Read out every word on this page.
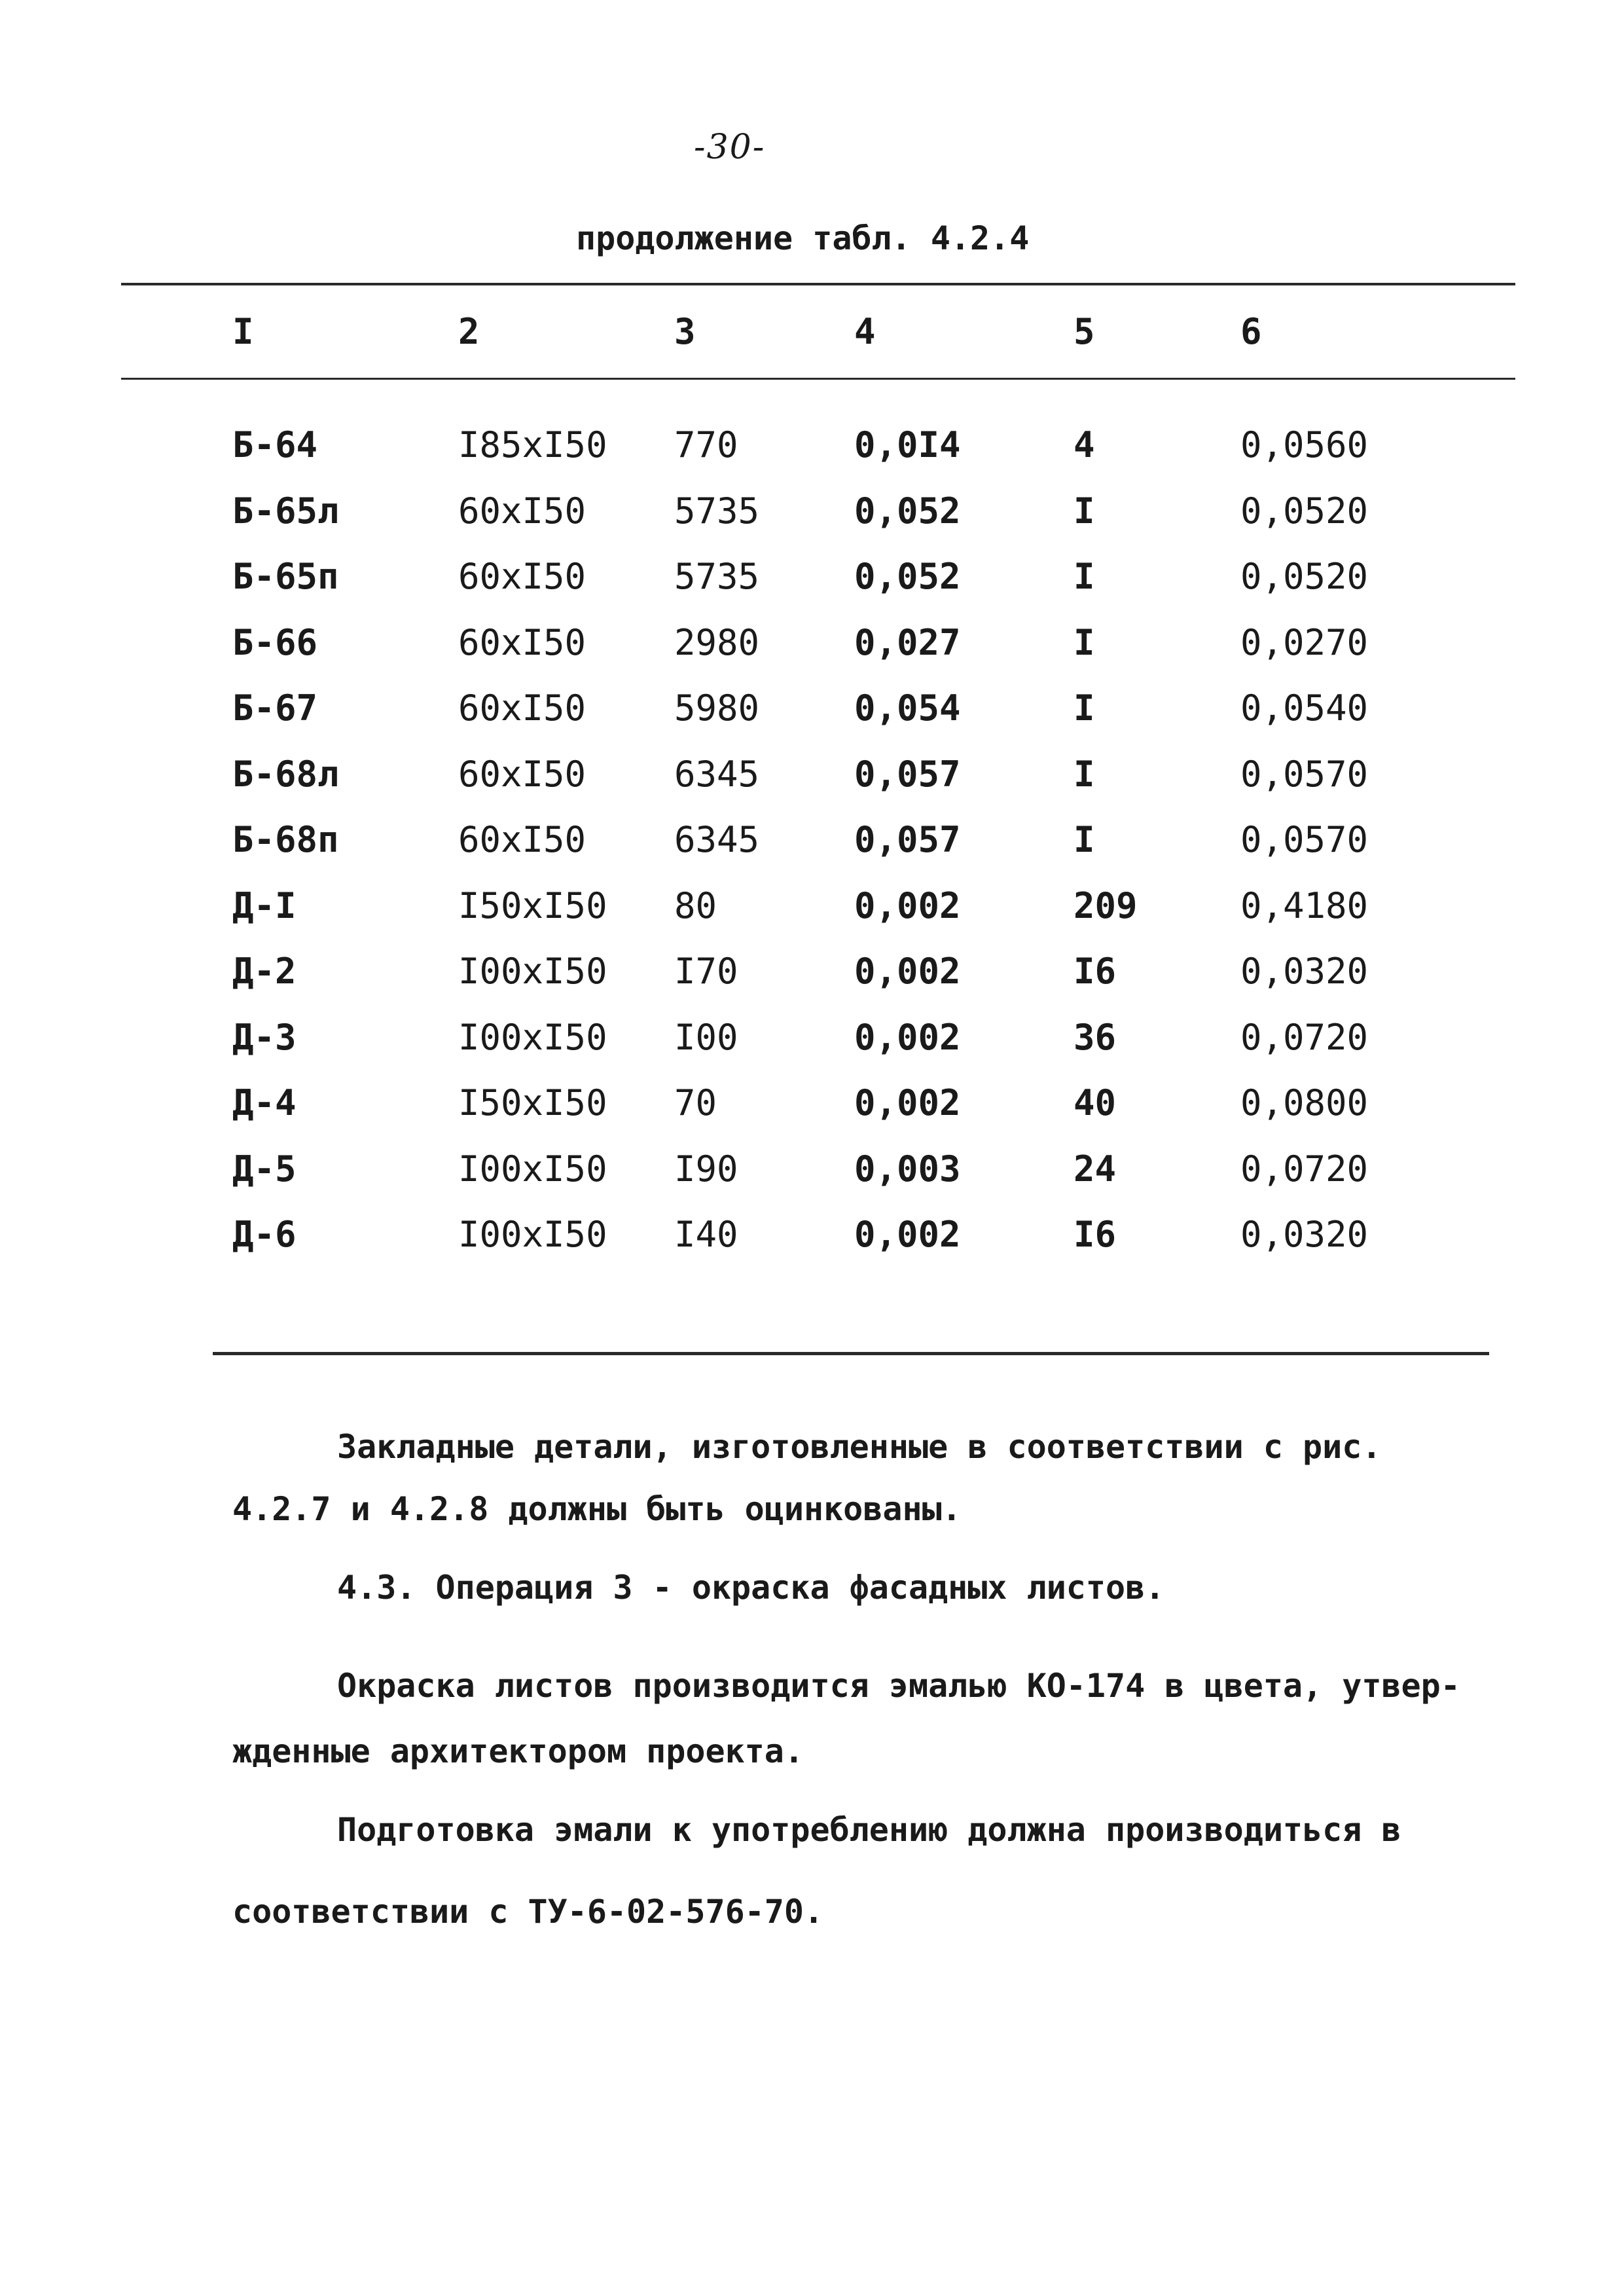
-30-
продолжение табл. 4.2.4
I	2	3	4	5	6
Б-64	I85xI50 770	0,0I4	4	0,0560
Б-65л	60xI50 5735	0,052	I	0,0520
Б-65п	60xI50 5735	0,052	I	0,0520
Б-66	60xI50 2980	0,027	I	0,0270
Б-67	60xI50 5980	0,054	I	0,0540
Б-68л	60xI50 6345	0,057	I	0,0570
Б-68п	60xI50 6345	0,057	I	0,0570
Д-I	I50xI50 80	0,002	209	0,4180
Д-2	I00xI50 I70	0,002	I6	0,0320
Д-3	I00xI50 I00	0,002	36	0,0720
Д-4	I50xI50 70	0,002	40	0,0800
Д-5	I00xI50 I90	0,003	24	0,0720
Д-6	I00xI50 I40	0,002	I6	0,0320
Закладные детали, изготовленные в соответствии с рис.
4.2.7 и 4.2.8 должны быть оцинкованы.
4.3. Операция 3 - окраска фасадных листов.
Окраска листов производится эмалью КО-174 в цвета, утвер-
жденные архитектором проекта.
Подготовка эмали к употреблению должна производиться в
соответствии с ТУ-6-02-576-70.
